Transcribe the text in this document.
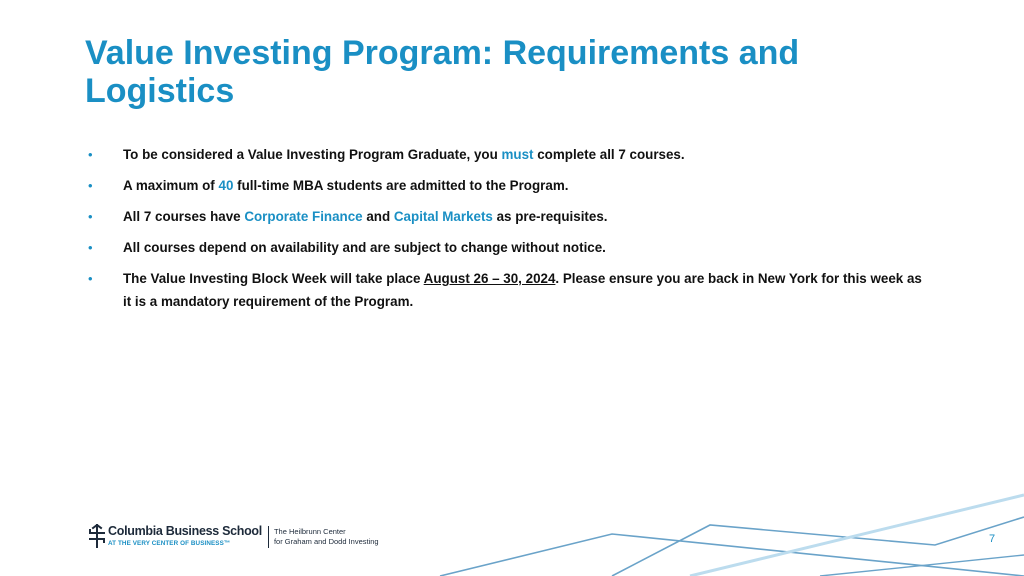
Value Investing Program: Requirements and Logistics
• To be considered a Value Investing Program Graduate, you must complete all 7 courses.
• A maximum of 40 full-time MBA students are admitted to the Program.
• All 7 courses have Corporate Finance and Capital Markets as pre-requisites.
• All courses depend on availability and are subject to change without notice.
• The Value Investing Block Week will take place August 26 – 30, 2024. Please ensure you are back in New York for this week as it is a mandatory requirement of the Program.
Columbia Business School
AT THE VERY CENTER OF BUSINESS™
The Heilbrunn Center
for Graham and Dodd Investing	7
